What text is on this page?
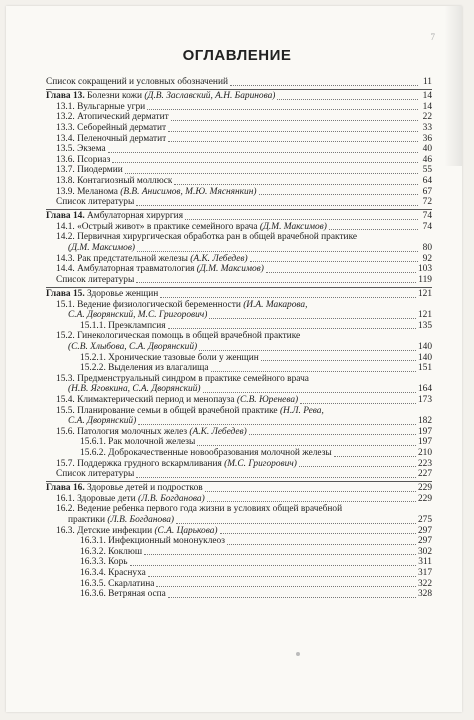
7
ОГЛАВЛЕНИЕ
Список сокращений и условных обозначений	11
Глава 13. Болезни кожи (Д.В. Заславский, А.Н. Баринова)	14
13.1. Вульгарные угри	14
13.2. Атопический дерматит	22
13.3. Себорейный дерматит	33
13.4. Пеленочный дерматит	36
13.5. Экзема	40
13.6. Псориаз	46
13.7. Пиодермии	55
13.8. Контагиозный моллюск	64
13.9. Меланома (В.В. Анисимов, М.Ю. Мяснянкин)	67
Список литературы	72
Глава 14. Амбулаторная хирургия	74
14.1. «Острый живот» в практике семейного врача (Д.М. Максимов)	74
14.2. Первичная хирургическая обработка ран в общей врачебной практике
(Д.М. Максимов)	80
14.3. Рак предстательной железы (А.К. Лебедев)	92
14.4. Амбулаторная травматология (Д.М. Максимов)	103
Список литературы	119
Глава 15. Здоровье женщин	121
15.1. Ведение физиологической беременности (И.А. Макарова,
С.А. Дворянский, М.С. Григорович)	121
15.1.1. Преэклампсия	135
15.2. Гинекологическая помощь в общей врачебной практике
(С.В. Хлыбова, С.А. Дворянский)	140
15.2.1. Хронические тазовые боли у женщин	140
15.2.2. Выделения из влагалища	151
15.3. Предменструальный синдром в практике семейного врача
(Н.В. Яговкина, С.А. Дворянский)	164
15.4. Климактерический период и менопауза (С.В. Юренева)	173
15.5. Планирование семьи в общей врачебной практике (Н.Л. Рева,
С.А. Дворянский)	182
15.6. Патология молочных желез (А.К. Лебедев)	197
15.6.1. Рак молочной железы	197
15.6.2. Доброкачественные новообразования молочной железы	210
15.7. Поддержка грудного вскармливания (М.С. Григорович)	223
Список литературы	227
Глава 16. Здоровье детей и подростков	229
16.1. Здоровые дети (Л.В. Богданова)	229
16.2. Ведение ребенка первого года жизни в условиях общей врачебной
практики (Л.В. Богданова)	275
16.3. Детские инфекции (С.А. Царькова)	297
16.3.1. Инфекционный мононуклеоз	297
16.3.2. Коклюш	302
16.3.3. Корь	311
16.3.4. Краснуха	317
16.3.5. Скарлатина	322
16.3.6. Ветряная оспа	328
